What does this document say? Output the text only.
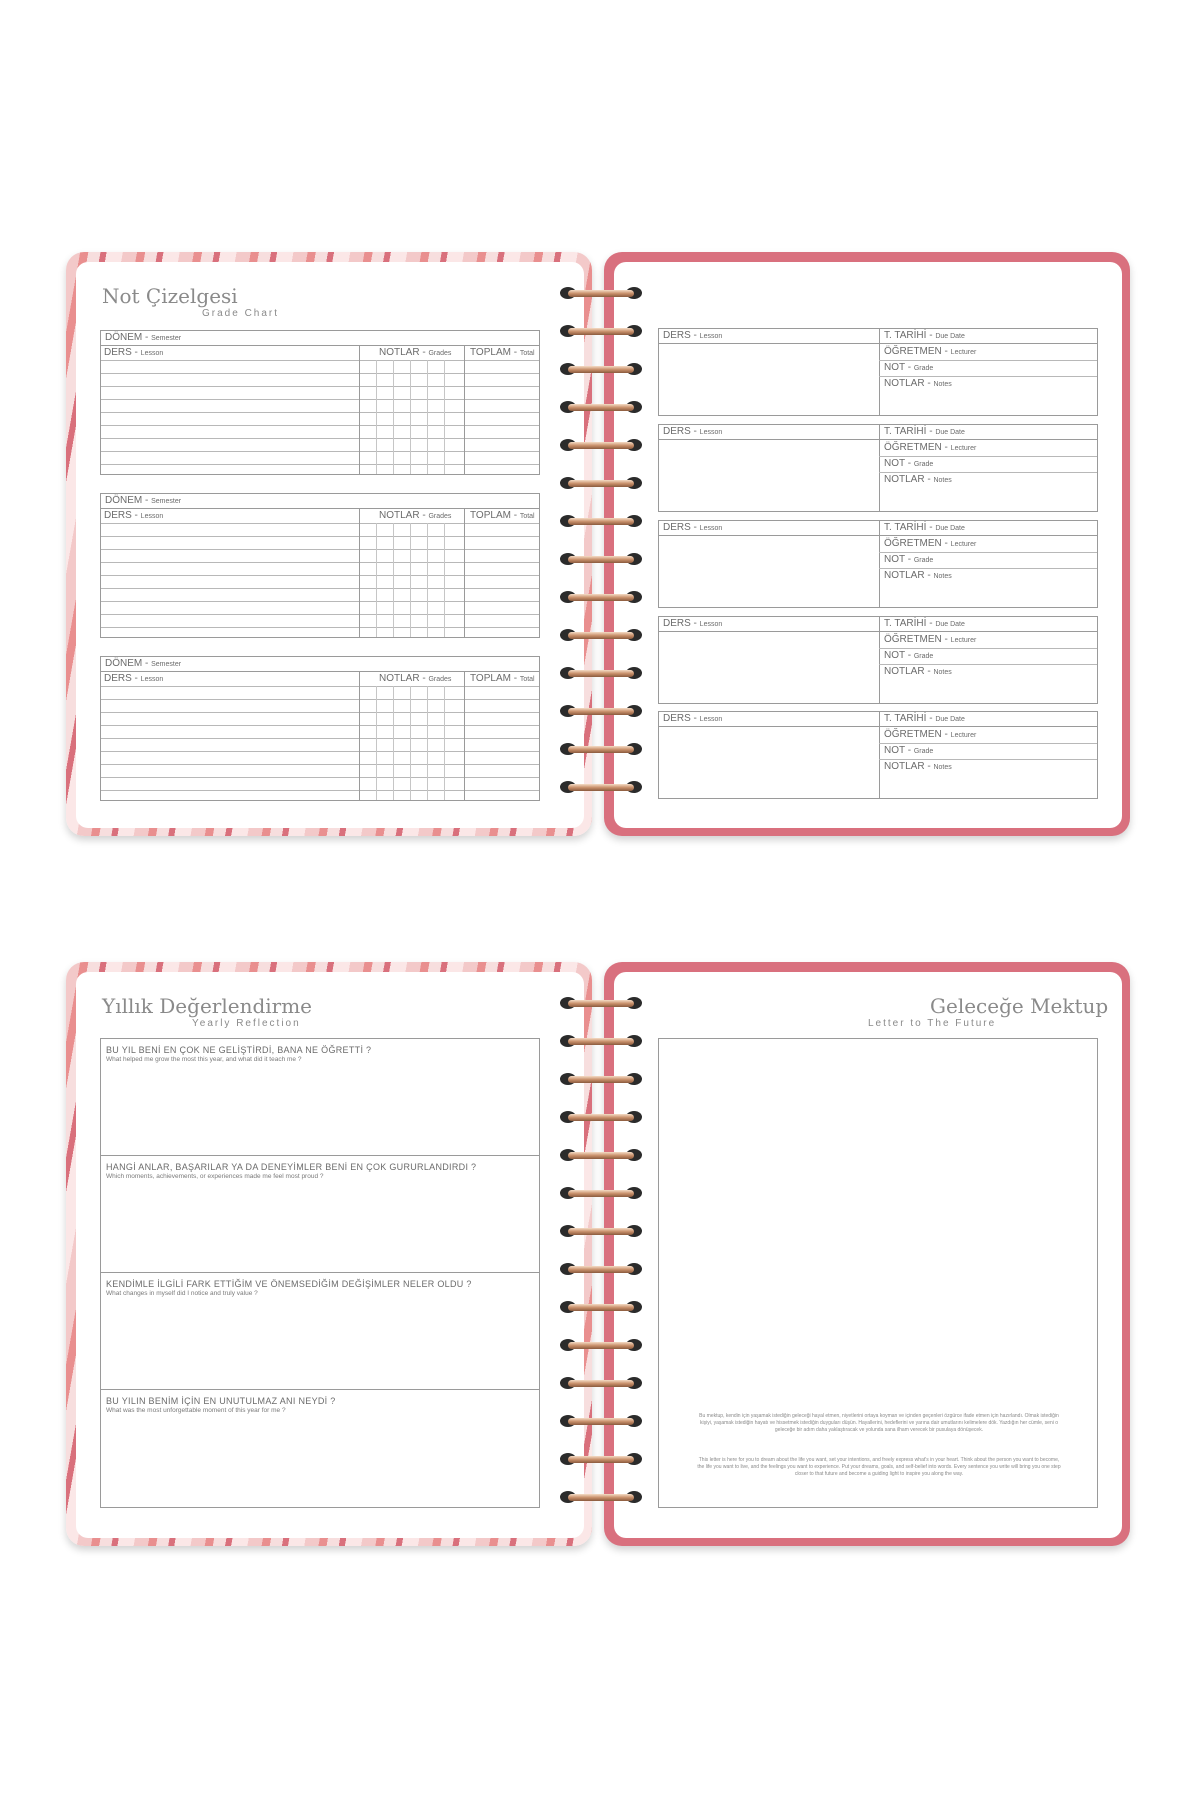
Not Çizelgesi
Grade Chart
DÖNEM - Semester
DERS - Lesson	NOTLAR - Grades	TOPLAM - Total
DÖNEM - Semester
DERS - Lesson	NOTLAR - Grades	TOPLAM - Total
DÖNEM - Semester
DERS - Lesson	NOTLAR - Grades	TOPLAM - Total
DERS - Lesson	T. TARİHİ - Due Date
ÖĞRETMEN - Lecturer
NOT - Grade
NOTLAR - Notes
DERS - Lesson	T. TARİHİ - Due Date
ÖĞRETMEN - Lecturer
NOT - Grade
NOTLAR - Notes
DERS - Lesson	T. TARİHİ - Due Date
ÖĞRETMEN - Lecturer
NOT - Grade
NOTLAR - Notes
DERS - Lesson	T. TARİHİ - Due Date
ÖĞRETMEN - Lecturer
NOT - Grade
NOTLAR - Notes
DERS - Lesson	T. TARİHİ - Due Date
ÖĞRETMEN - Lecturer
NOT - Grade
NOTLAR - Notes
Yıllık Değerlendirme
Yearly Reflection
BU YIL BENİ EN ÇOK NE GELİŞTİRDİ, BANA NE ÖĞRETTİ ?
What helped me grow the most this year, and what did it teach me ?
HANGİ ANLAR, BAŞARILAR YA DA DENEYİMLER BENİ EN ÇOK GURURLANDIRDI ?
Which moments, achievements, or experiences made me feel most proud ?
KENDİMLE İLGİLİ FARK ETTİĞİM VE ÖNEMSEDİĞİM DEĞİŞİMLER NELER OLDU ?
What changes in myself did I notice and truly value ?
BU YILIN BENİM İÇİN EN UNUTULMAZ ANI NEYDİ ?
What was the most unforgettable moment of this year for me ?
Geleceğe Mektup
Letter to The Future
Bu mektup, kendin için yaşamak istediğin geleceği hayal etmen, niyetlerini ortaya koyman ve içinden geçenleri özgürce ifade etmen için hazırlandı. Olmak istediğin kişiyi, yaşamak istediğin hayatı ve hissetmek istediğin duyguları düşün. Hayallerini, hedeflerini ve yarına dair umutlarını kelimelere dök. Yazdığın her cümle, seni o geleceğe bir adım daha yaklaştıracak ve yolunda sana ilham verecek bir pusulaya dönüşecek.
This letter is here for you to dream about the life you want, set your intentions, and freely express what's in your heart. Think about the person you want to become, the life you want to live, and the feelings you want to experience. Put your dreams, goals, and self-belief into words. Every sentence you write will bring you one step closer to that future and become a guiding light to inspire you along the way.
